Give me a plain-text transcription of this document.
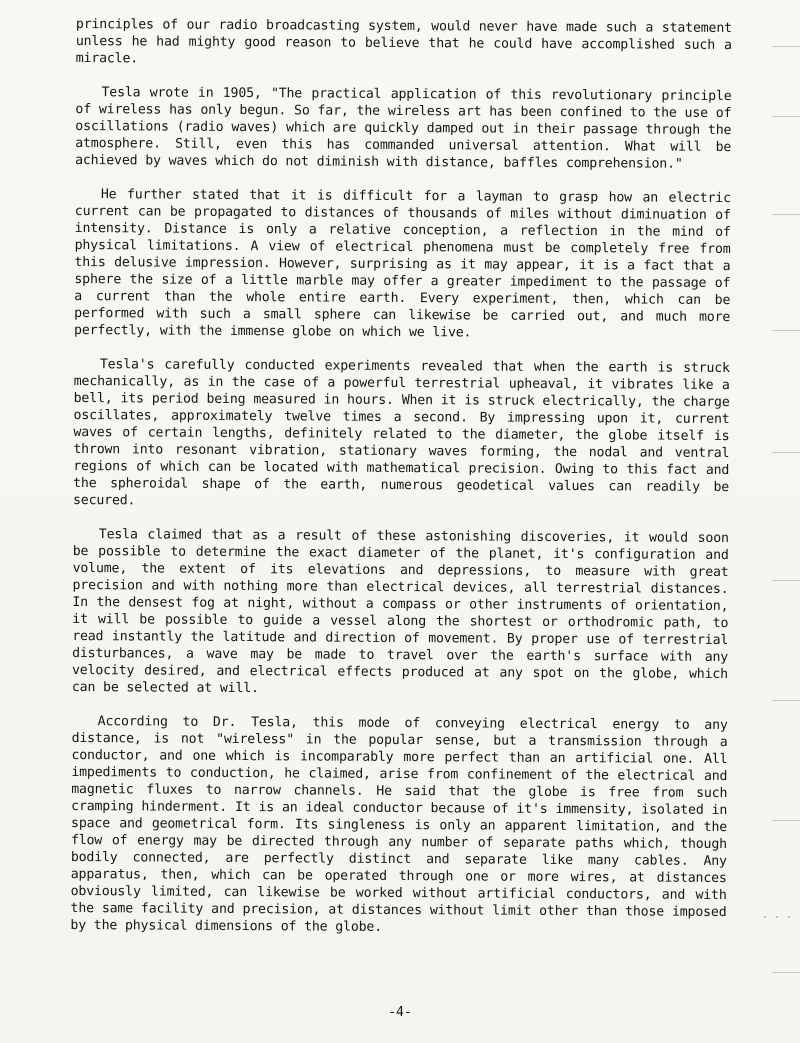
principles of our radio broadcasting system, would never have made such a statement unless he had mighty good reason to believe that he could have accomplished such a miracle.

Tesla wrote in 1905, "The practical application of this revolutionary principle of wireless has only begun. So far, the wireless art has been confined to the use of oscillations (radio waves) which are quickly damped out in their passage through the atmosphere. Still, even this has commanded universal attention. What will be achieved by waves which do not diminish with distance, baffles comprehension."

He further stated that it is difficult for a layman to grasp how an electric current can be propagated to distances of thousands of miles without diminuation of intensity. Distance is only a relative conception, a reflection in the mind of physical limitations. A view of electrical phenomena must be completely free from this delusive impression. However, surprising as it may appear, it is a fact that a sphere the size of a little marble may offer a greater impediment to the passage of a current than the whole entire earth. Every experiment, then, which can be performed with such a small sphere can likewise be carried out, and much more perfectly, with the immense globe on which we live.

Tesla's carefully conducted experiments revealed that when the earth is struck mechanically, as in the case of a powerful terrestrial upheaval, it vibrates like a bell, its period being measured in hours. When it is struck electrically, the charge oscillates, approximately twelve times a second. By impressing upon it, current waves of certain lengths, definitely related to the diameter, the globe itself is thrown into resonant vibration, stationary waves forming, the nodal and ventral regions of which can be located with mathematical precision. Owing to this fact and the spheroidal shape of the earth, numerous geodetical values can readily be secured.

Tesla claimed that as a result of these astonishing discoveries, it would soon be possible to determine the exact diameter of the planet, it's configuration and volume, the extent of its elevations and depressions, to measure with great precision and with nothing more than electrical devices, all terrestrial distances. In the densest fog at night, without a compass or other instruments of orientation, it will be possible to guide a vessel along the shortest or orthodromic path, to read instantly the latitude and direction of movement. By proper use of terrestrial disturbances, a wave may be made to travel over the earth's surface with any velocity desired, and electrical effects produced at any spot on the globe, which can be selected at will.

According to Dr. Tesla, this mode of conveying electrical energy to any distance, is not "wireless" in the popular sense, but a transmission through a conductor, and one which is incomparably more perfect than an artificial one. All impediments to conduction, he claimed, arise from confinement of the electrical and magnetic fluxes to narrow channels. He said that the globe is free from such cramping hinderment. It is an ideal conductor because of it's immensity, isolated in space and geometrical form. Its singleness is only an apparent limitation, and the flow of energy may be directed through any number of separate paths which, though bodily connected, are perfectly distinct and separate like many cables. Any apparatus, then, which can be operated through one or more wires, at distances obviously limited, can likewise be worked without artificial conductors, and with the same facility and precision, at distances without limit other than those imposed by the physical dimensions of the globe.

-4-
· · ·
